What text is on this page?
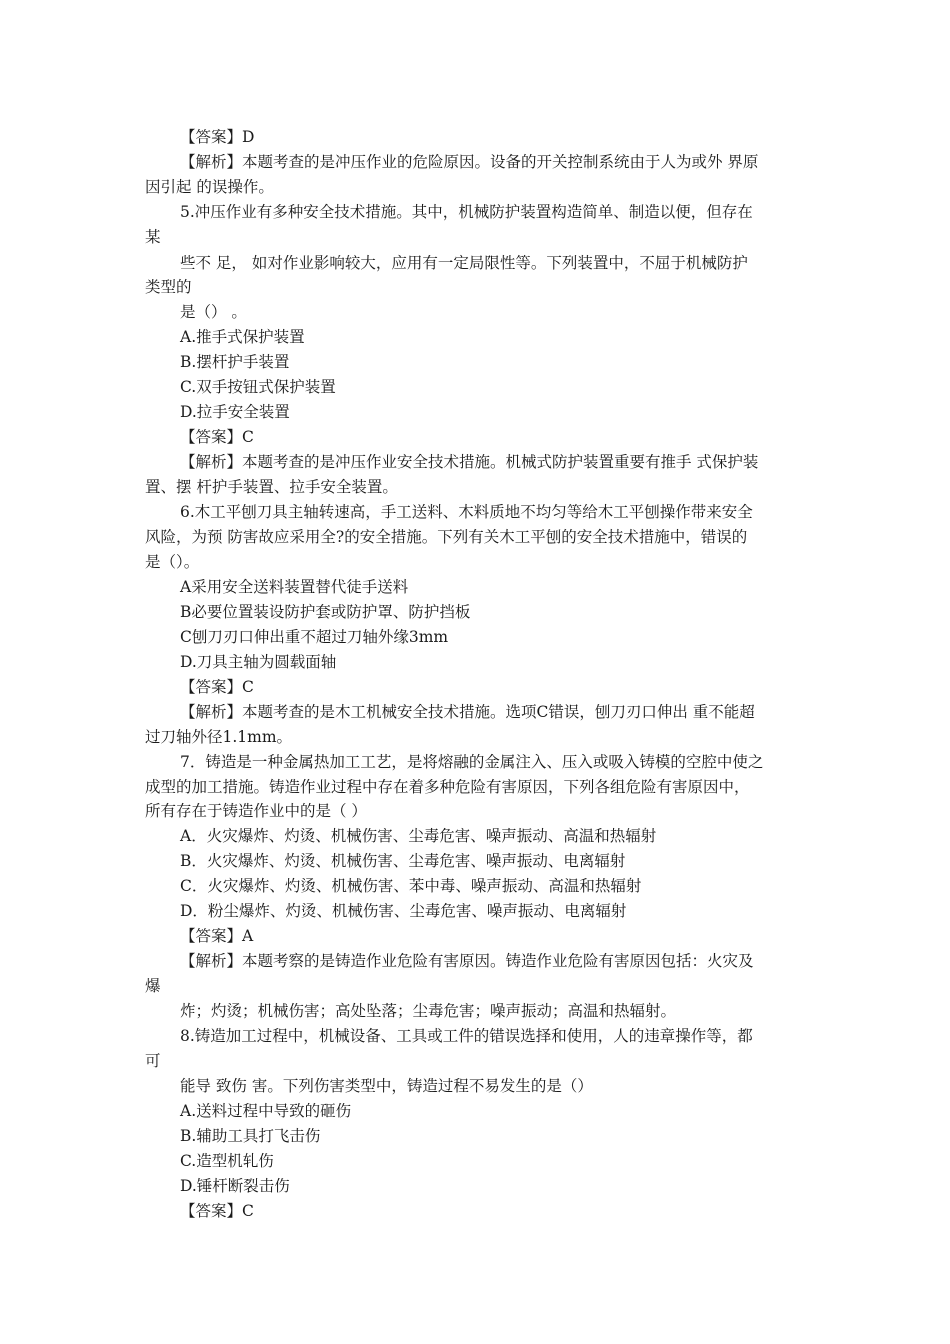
【答案】D
【解析】本题考查的是冲压作业的危险原因。设备的开关控制系统由于人为或外 界原
因引起 的误操作。
5.冲压作业有多种安全技术措施。其中，机械防护装置构造简单、制造以便，但存在
某
些不 足， 如对作业影响较大，应用有一定局限性等。下列装置中，不屈于机械防护
类型的
是（） 。
A.推手式保护装置
B.摆杆护手装置
C.双手按钮式保护装置
D.拉手安全装置
【答案】C
【解析】本题考查的是冲压作业安全技术措施。机械式防护装置重要有推手 式保护装
置、摆 杆护手装置、拉手安全装置。
6.木工平刨刀具主轴转速高，手工送料、木料质地不均匀等给木工平刨操作带来安全
风险，为预 防害故应采用全?的安全措施。下列有关木工平刨的安全技术措施中，错误的
是（）。
A采用安全送料装置替代徒手送料
B必要位置装设防护套或防护罩、防护挡板
C刨刀刃口伸出重不超过刀轴外缘3mm
D.刀具主轴为圆载面轴
【答案】C
【解析】本题考查的是木工机械安全技术措施。选项C错误，刨刀刃口伸出 重不能超
过刀轴外径1.1mm。
7．铸造是一种金属热加工工艺，是将熔融的金属注入、压入或吸入铸模的空腔中使之
成型的加工措施。铸造作业过程中存在着多种危险有害原因，下列各组危险有害原因中，
所有存在于铸造作业中的是（ ）
A．火灾爆炸、灼烫、机械伤害、尘毒危害、噪声振动、高温和热辐射
B．火灾爆炸、灼烫、机械伤害、尘毒危害、噪声振动、电离辐射
C．火灾爆炸、灼烫、机械伤害、苯中毒、噪声振动、高温和热辐射
D．粉尘爆炸、灼烫、机械伤害、尘毒危害、噪声振动、电离辐射
【答案】A
【解析】本题考察的是铸造作业危险有害原因。铸造作业危险有害原因包括：火灾及
爆
炸；灼烫；机械伤害；高处坠落；尘毒危害；噪声振动；高温和热辐射。
8.铸造加工过程中，机械设备、工具或工件的错误选择和使用，人的违章操作等，都
可
能导 致伤 害。下列伤害类型中，铸造过程不易发生的是（）
A.送料过程中导致的砸伤
B.辅助工具打飞击伤
C.造型机轧伤
D.锤杆断裂击伤
【答案】C
